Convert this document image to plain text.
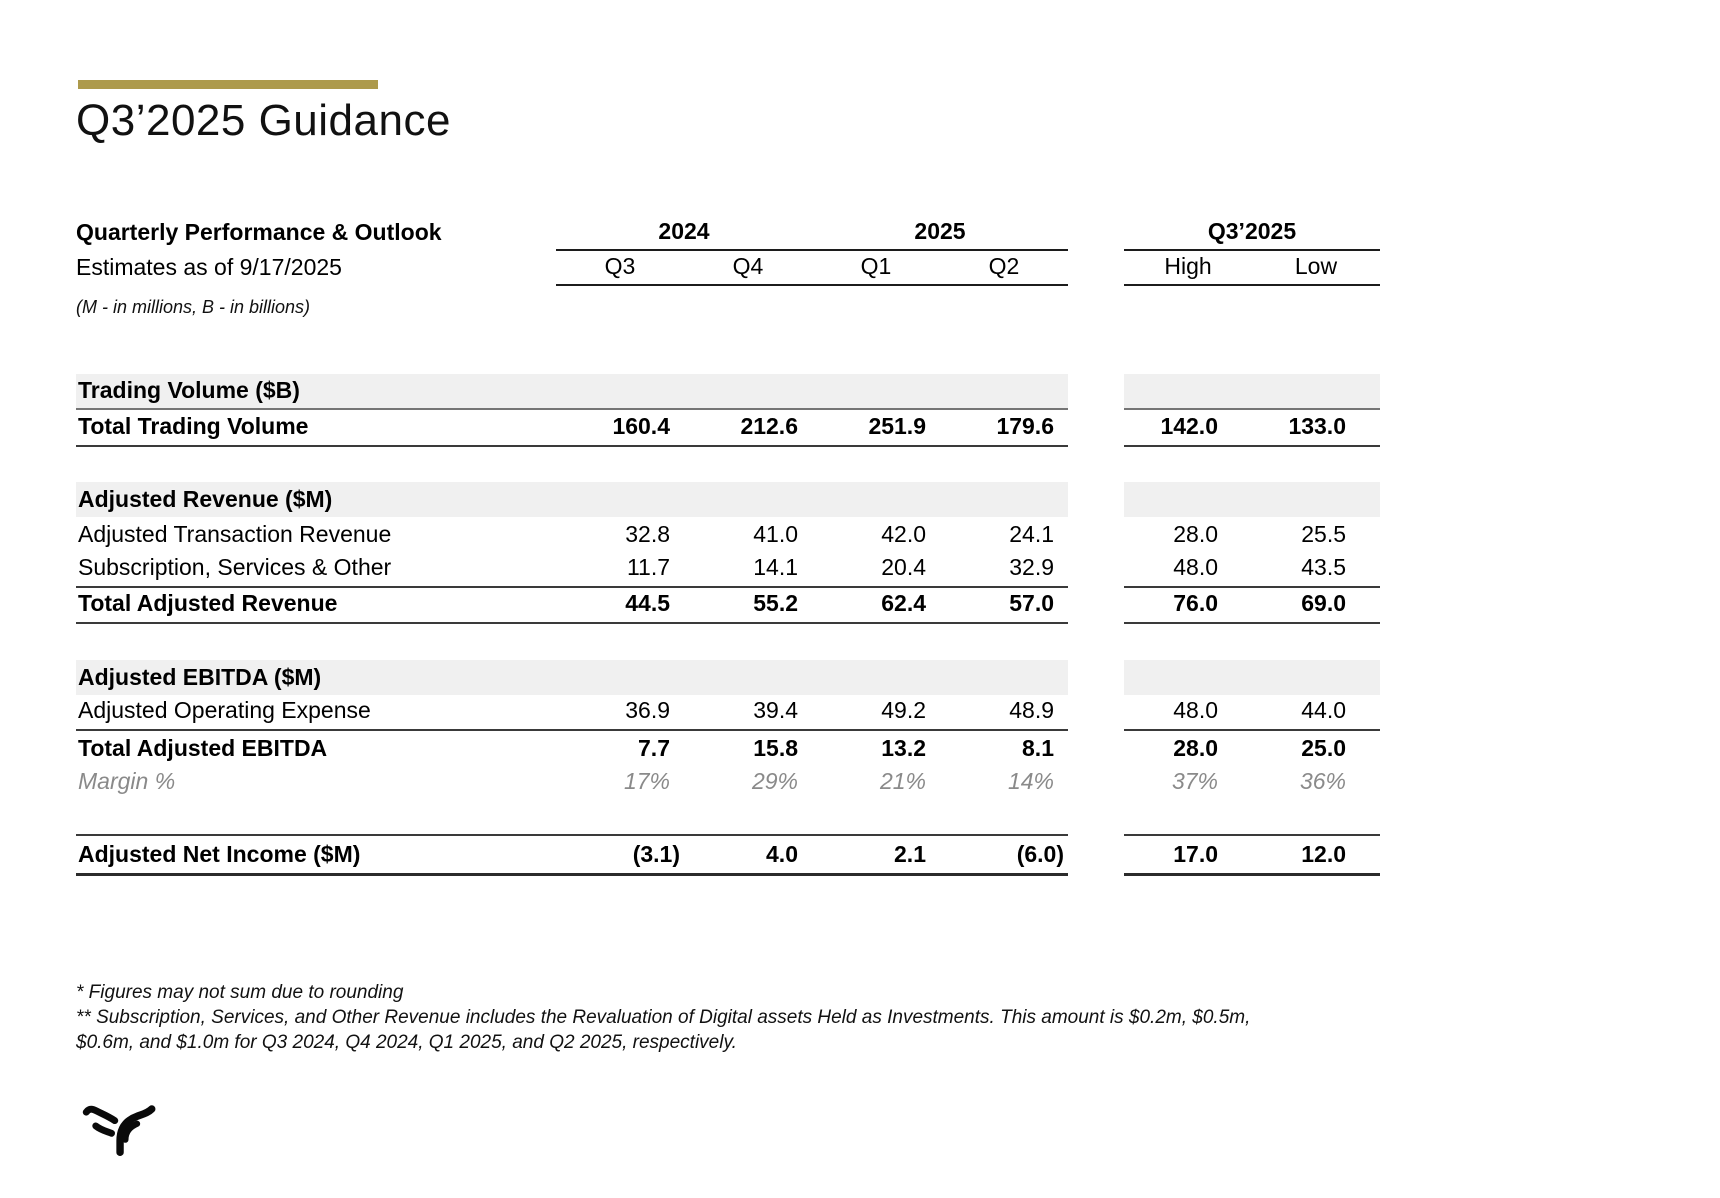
Q3’2025 Guidance
Quarterly Performance & Outlook	2024	2025	Q3’2025
Estimates as of 9/17/2025	Q3	Q4	Q1	Q2	High	Low
(M - in millions, B - in billions)
Trading Volume ($B)
Total Trading Volume	160.4	212.6	251.9	179.6	142.0	133.0
Adjusted Revenue ($M)
Adjusted Transaction Revenue	32.8	41.0	42.0	24.1	28.0	25.5
Subscription, Services & Other	11.7	14.1	20.4	32.9	48.0	43.5
Total Adjusted Revenue	44.5	55.2	62.4	57.0	76.0	69.0
Adjusted EBITDA ($M)
Adjusted Operating Expense	36.9	39.4	49.2	48.9	48.0	44.0
Total Adjusted EBITDA	7.7	15.8	13.2	8.1	28.0	25.0
Margin %	17%	29%	21%	14%	37%	36%
Adjusted Net Income ($M)	(3.1)	4.0	2.1	(6.0)	17.0	12.0
* Figures may not sum due to rounding
** Subscription, Services, and Other Revenue includes the Revaluation of Digital assets Held as Investments. This amount is $0.2m, $0.5m, $0.6m, and $1.0m for Q3 2024, Q4 2024, Q1 2025, and Q2 2025, respectively.
